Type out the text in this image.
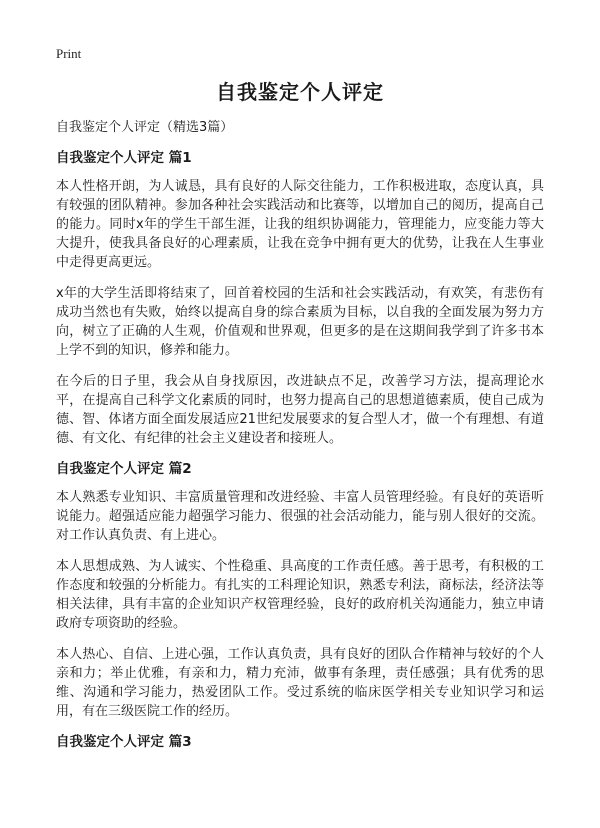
Print
自我鉴定个人评定
自我鉴定个人评定（精选3篇）
自我鉴定个人评定 篇1

本人性格开朗，为人诚恳，具有良好的人际交往能力，工作积极进取，态度认真，具有较强的团队精神。参加各种社会实践活动和比赛等，以增加自己的阅历，提高自己的能力。同时x年的学生干部生涯，让我的组织协调能力，管理能力，应变能力等大大提升，使我具备良好的心理素质，让我在竞争中拥有更大的优势，让我在人生事业中走得更高更远。

x年的大学生活即将结束了，回首着校园的生活和社会实践活动，有欢笑，有悲伤有成功当然也有失败，始终以提高自身的综合素质为目标，以自我的全面发展为努力方向，树立了正确的人生观，价值观和世界观，但更多的是在这期间我学到了许多书本上学不到的知识，修养和能力。

在今后的日子里，我会从自身找原因，改进缺点不足，改善学习方法，提高理论水平，在提高自己科学文化素质的同时，也努力提高自己的思想道德素质，使自己成为德、智、体诸方面全面发展适应21世纪发展要求的复合型人才，做一个有理想、有道德、有文化、有纪律的社会主义建设者和接班人。

自我鉴定个人评定 篇2

本人熟悉专业知识、丰富质量管理和改进经验、丰富人员管理经验。有良好的英语听说能力。超强适应能力超强学习能力、很强的社会活动能力，能与别人很好的交流。对工作认真负责、有上进心。

本人思想成熟、为人诚实、个性稳重、具高度的工作责任感。善于思考，有积极的工作态度和较强的分析能力。有扎实的工科理论知识，熟悉专利法，商标法，经济法等相关法律，具有丰富的企业知识产权管理经验，良好的政府机关沟通能力，独立申请政府专项资助的经验。

本人热心、自信、上进心强，工作认真负责，具有良好的团队合作精神与较好的个人亲和力；举止优雅，有亲和力，精力充沛，做事有条理，责任感强；具有优秀的思维、沟通和学习能力，热爱团队工作。受过系统的临床医学相关专业知识学习和运用，有在三级医院工作的经历。

自我鉴定个人评定 篇3
